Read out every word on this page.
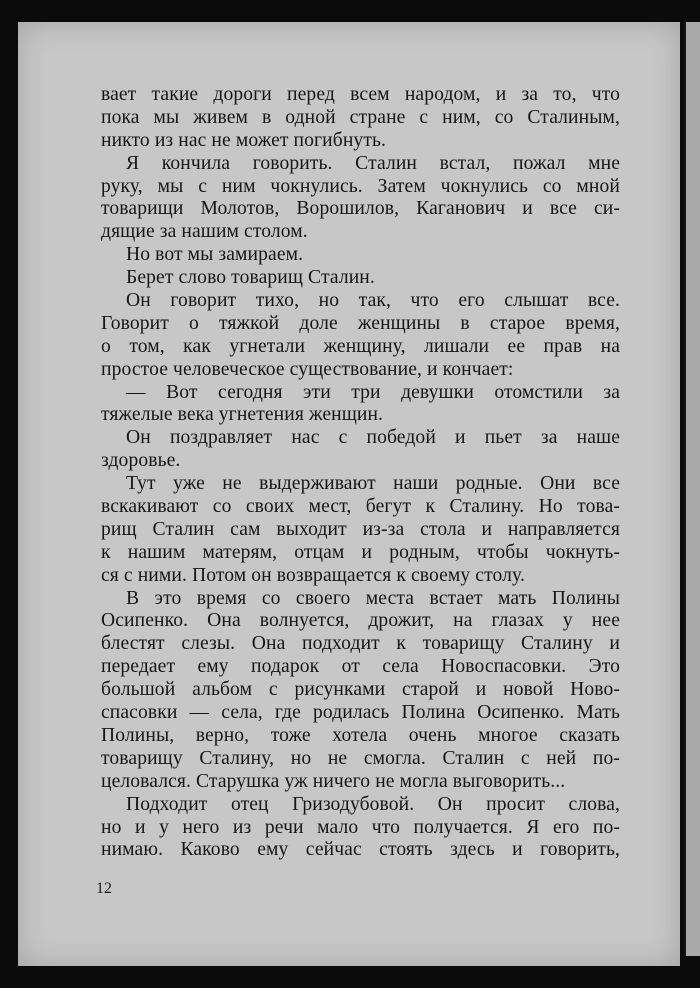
вает такие дороги перед всем народом, и за то, что
пока мы живем в одной стране с ним, со Сталиным,
никто из нас не может погибнуть.
Я кончила говорить. Сталин встал, пожал мне
руку, мы с ним чокнулись. Затем чокнулись со мной
товарищи Молотов, Ворошилов, Каганович и все си-
дящие за нашим столом.
Но вот мы замираем.
Берет слово товарищ Сталин.
Он говорит тихо, но так, что его слышат все.
Говорит о тяжкой доле женщины в старое время,
о том, как угнетали женщину, лишали ее прав на
простое человеческое существование, и кончает:
— Вот сегодня эти три девушки отомстили за
тяжелые века угнетения женщин.
Он поздравляет нас с победой и пьет за наше
здоровье.
Тут уже не выдерживают наши родные. Они все
вскакивают со своих мест, бегут к Сталину. Но това-
рищ Сталин сам выходит из-за стола и направляется
к нашим матерям, отцам и родным, чтобы чокнуть-
ся с ними. Потом он возвращается к своему столу.
В это время со своего места встает мать Полины
Осипенко. Она волнуется, дрожит, на глазах у нее
блестят слезы. Она подходит к товарищу Сталину и
передает ему подарок от села Новоспасовки. Это
большой альбом с рисунками старой и новой Ново-
спасовки — села, где родилась Полина Осипенко. Мать
Полины, верно, тоже хотела очень многое сказать
товарищу Сталину, но не смогла. Сталин с ней по-
целовался. Старушка уж ничего не могла выговорить...
Подходит отец Гризодубовой. Он просит слова,
но и у него из речи мало что получается. Я его по-
нимаю. Каково ему сейчас стоять здесь и говорить,
12
